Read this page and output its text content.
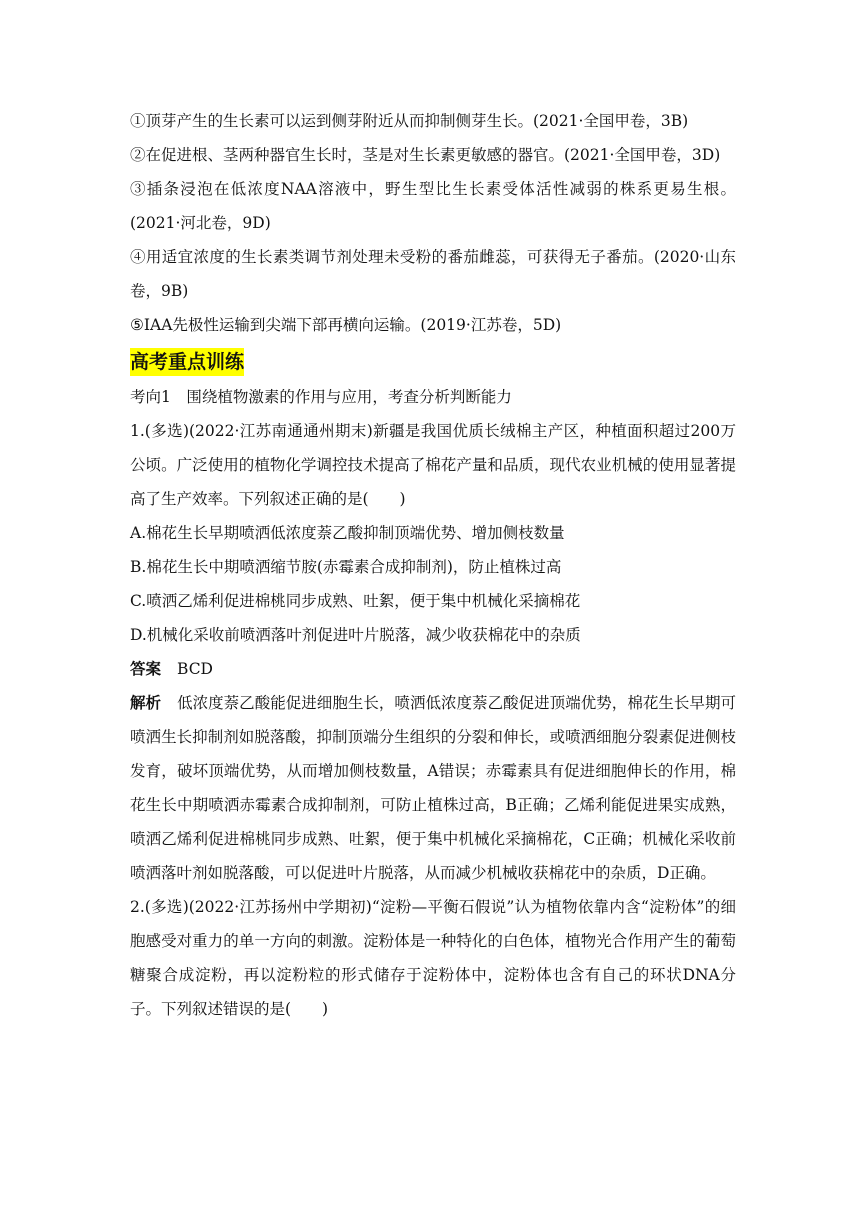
①顶芽产生的生长素可以运到侧芽附近从而抑制侧芽生长。(2021·全国甲卷，3B)
②在促进根、茎两种器官生长时，茎是对生长素更敏感的器官。(2021·全国甲卷，3D)
③插条浸泡在低浓度NAA溶液中，野生型比生长素受体活性减弱的株系更易生根。(2021·河北卷，9D)
④用适宜浓度的生长素类调节剂处理未受粉的番茄雌蕊，可获得无子番茄。(2020·山东卷，9B)
⑤IAA先极性运输到尖端下部再横向运输。(2019·江苏卷，5D)
高考重点训练
考向1　围绕植物激素的作用与应用，考查分析判断能力
1.(多选)(2022·江苏南通通州期末)新疆是我国优质长绒棉主产区，种植面积超过200万公顷。广泛使用的植物化学调控技术提高了棉花产量和品质，现代农业机械的使用显著提高了生产效率。下列叙述正确的是(　　)
A.棉花生长早期喷洒低浓度萘乙酸抑制顶端优势、增加侧枝数量
B.棉花生长中期喷洒缩节胺(赤霉素合成抑制剂)，防止植株过高
C.喷洒乙烯利促进棉桃同步成熟、吐絮，便于集中机械化采摘棉花
D.机械化采收前喷洒落叶剂促进叶片脱落，减少收获棉花中的杂质
答案 BCD
解析 低浓度萘乙酸能促进细胞生长，喷洒低浓度萘乙酸促进顶端优势，棉花生长早期可喷洒生长抑制剂如脱落酸，抑制顶端分生组织的分裂和伸长，或喷洒细胞分裂素促进侧枝发育，破坏顶端优势，从而增加侧枝数量，A错误；赤霉素具有促进细胞伸长的作用，棉花生长中期喷洒赤霉素合成抑制剂，可防止植株过高，B正确；乙烯利能促进果实成熟，喷洒乙烯利促进棉桃同步成熟、吐絮，便于集中机械化采摘棉花，C正确；机械化采收前喷洒落叶剂如脱落酸，可以促进叶片脱落，从而减少机械收获棉花中的杂质，D正确。
2.(多选)(2022·江苏扬州中学期初)“淀粉—平衡石假说”认为植物依靠内含“淀粉体”的细胞感受对重力的单一方向的刺激。淀粉体是一种特化的白色体，植物光合作用产生的葡萄糖聚合成淀粉，再以淀粉粒的形式储存于淀粉体中，淀粉体也含有自己的环状DNA分子。下列叙述错误的是(　　)
